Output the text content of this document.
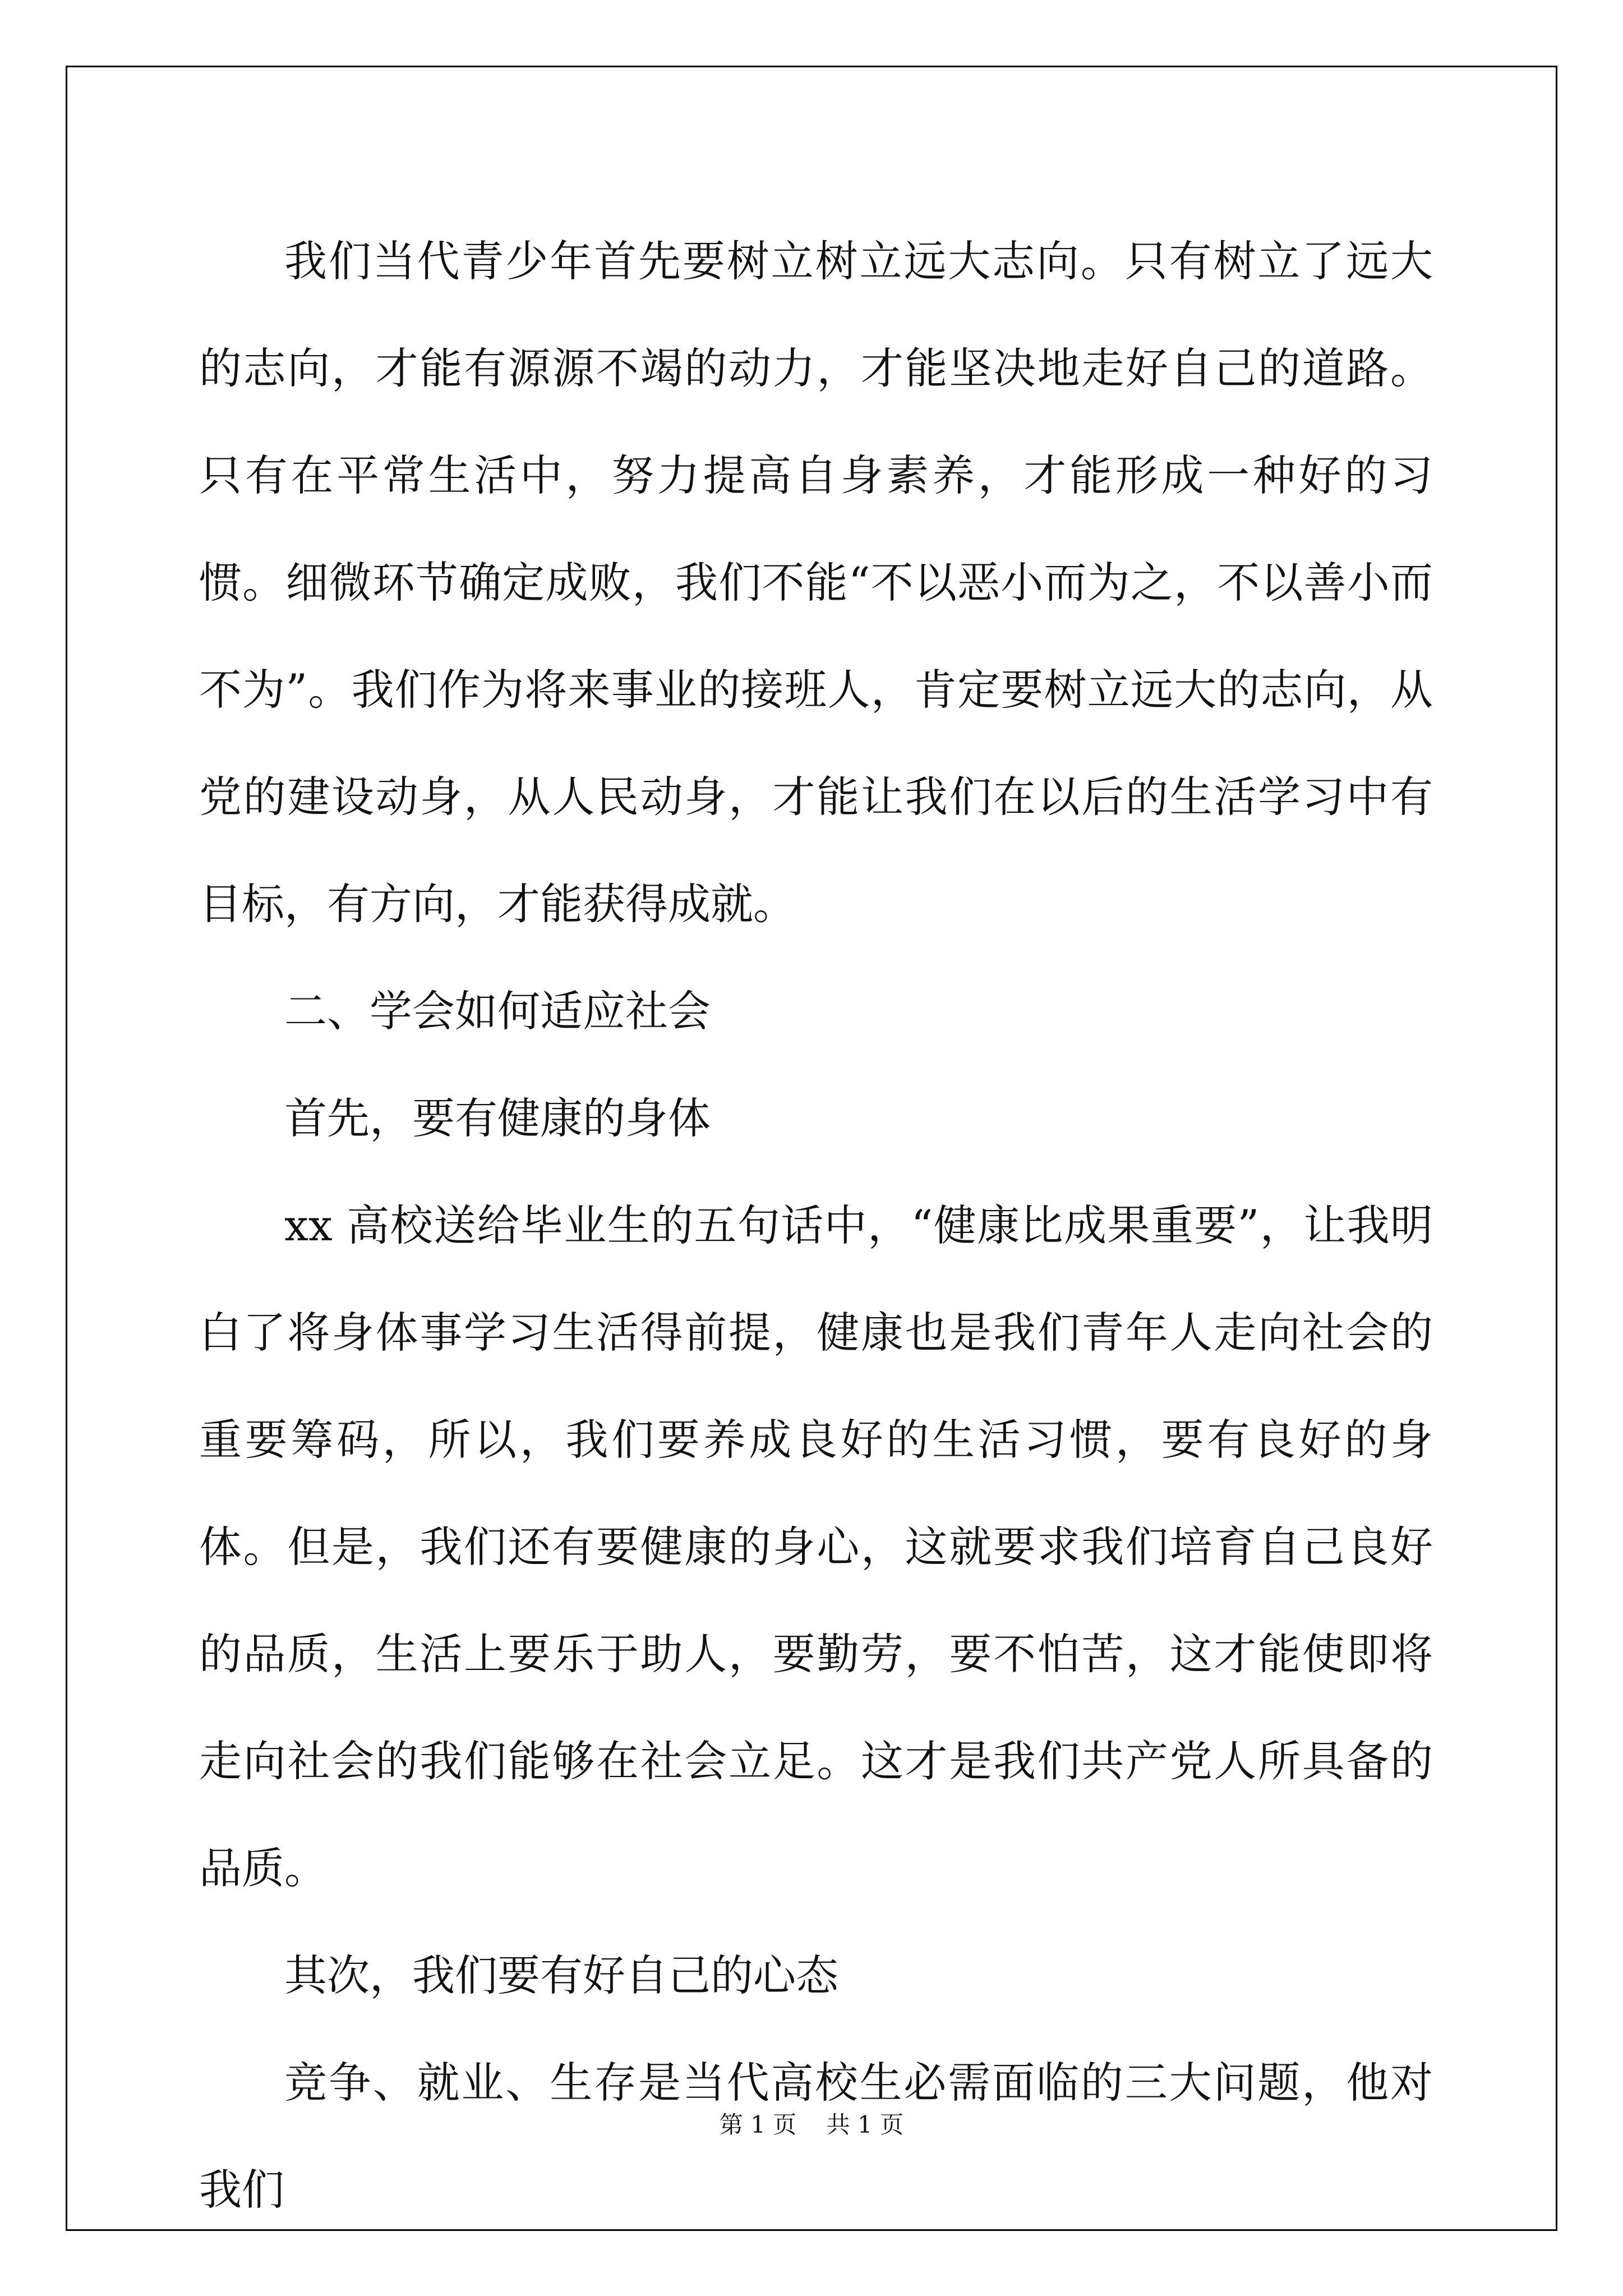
我们当代青少年首先要树立树立远大志向。只有树立了远大的志向，才能有源源不竭的动力，才能坚决地走好自己的道路。只有在平常生活中，努力提高自身素养，才能形成一种好的习惯。细微环节确定成败，我们不能“不以恶小而为之，不以善小而不为”。我们作为将来事业的接班人，肯定要树立远大的志向，从党的建设动身，从人民动身，才能让我们在以后的生活学习中有目标，有方向，才能获得成就。

二、学会如何适应社会

首先，要有健康的身体

xx 高校送给毕业生的五句话中，“健康比成果重要”，让我明白了将身体事学习生活得前提，健康也是我们青年人走向社会的重要筹码，所以，我们要养成良好的生活习惯，要有良好的身体。但是，我们还有要健康的身心，这就要求我们培育自己良好的品质，生活上要乐于助人，要勤劳，要不怕苦，这才能使即将走向社会的我们能够在社会立足。这才是我们共产党人所具备的品质。

其次，我们要有好自己的心态

竞争、就业、生存是当代高校生必需面临的三大问题，他对我们

第 1 页    共 1 页
